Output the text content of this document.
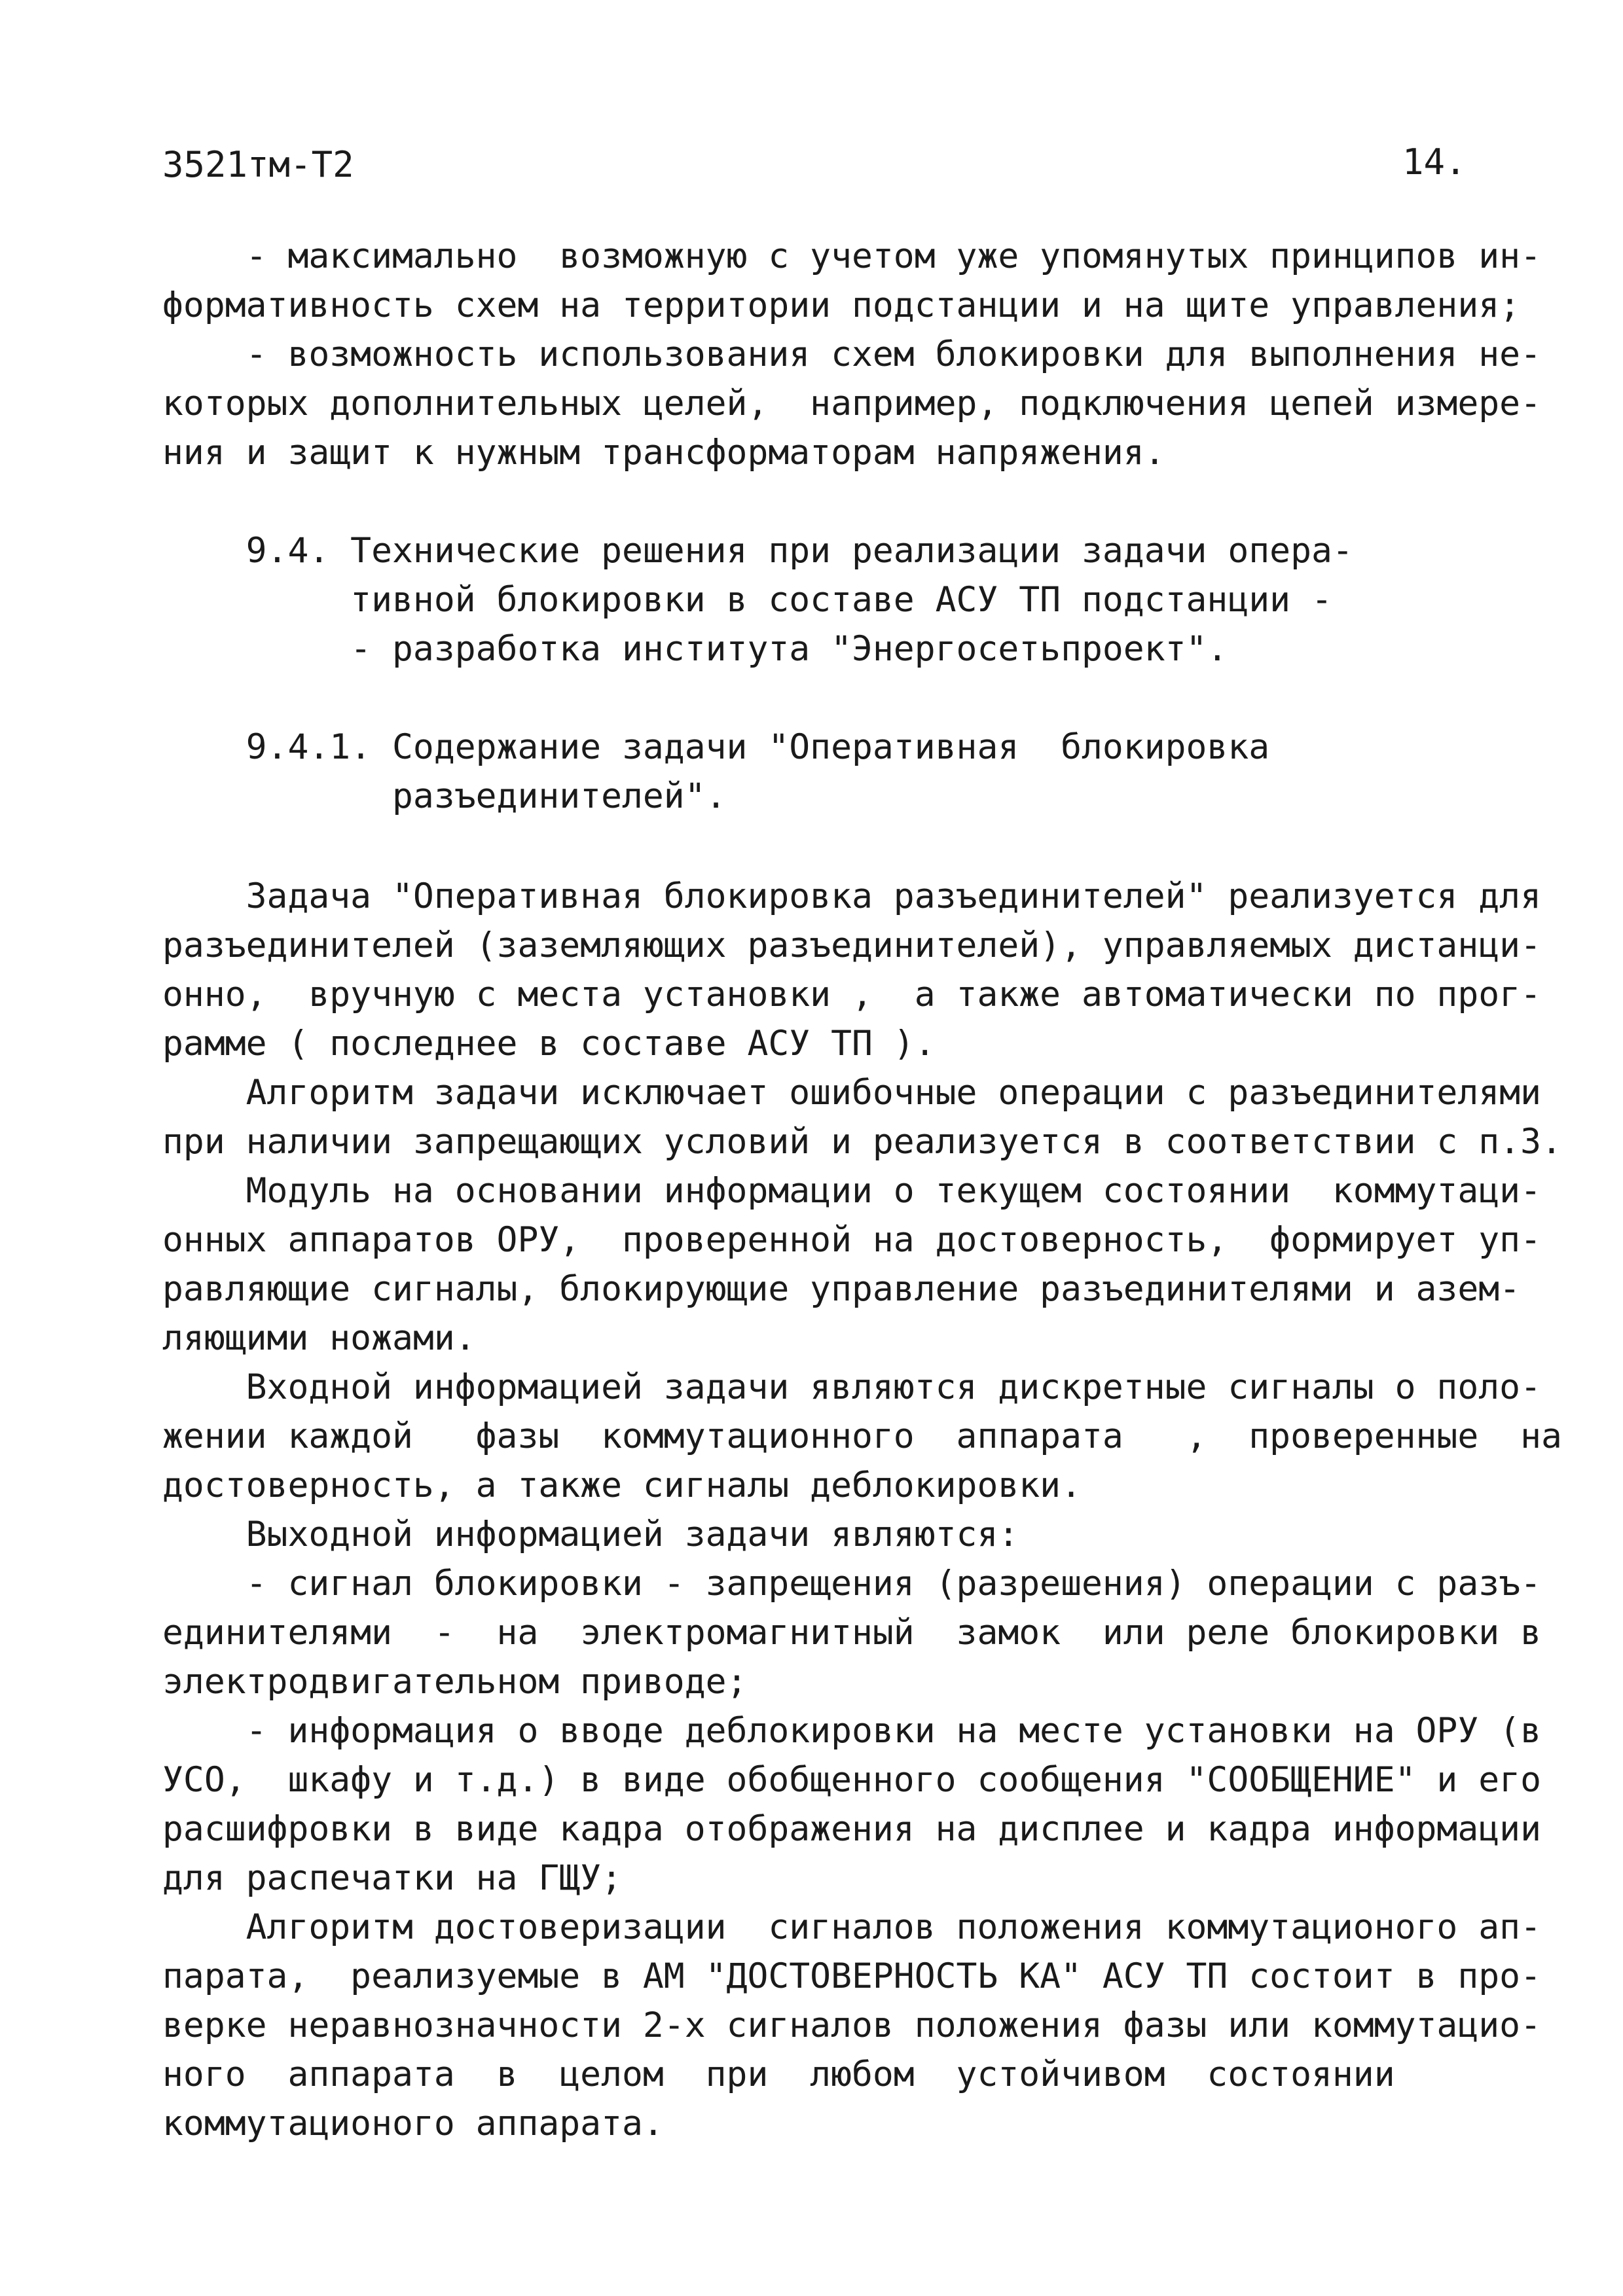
3521тм-Т2	14.
- максимально  возможную с учетом уже упомянутых принципов ин-
формативность схем на территории подстанции и на щите управления;
- возможность использования схем блокировки для выполнения не-
которых дополнительных целей,  например, подключения цепей измере-
ния и защит к нужным трансформаторам напряжения.
9.4. Технические решения при реализации задачи опера-
тивной блокировки в составе АСУ ТП подстанции -
- разработка института "Энергосетьпроект".
9.4.1. Содержание задачи "Оперативная  блокировка
разъединителей".
Задача "Оперативная блокировка разъединителей" реализуется для
разъединителей (заземляющих разъединителей), управляемых дистанци-
онно,  вручную с места установки ,  а также автоматически по прог-
рамме ( последнее в составе АСУ ТП ).
Алгоритм задачи исключает ошибочные операции с разъединителями
при наличии запрещающих условий и реализуется в соответствии с п.3.
Модуль на основании информации о текущем состоянии  коммутаци-
онных аппаратов ОРУ,  проверенной на достоверность,  формирует уп-
равляющие сигналы, блокирующие управление разъединителями и азем-
ляющими ножами.
Входной информацией задачи являются дискретные сигналы о поло-
жении каждой   фазы  коммутационного  аппарата   ,  проверенные  на
достоверность, а также сигналы деблокировки.
Выходной информацией задачи являются:
- сигнал блокировки - запрещения (разрешения) операции с разъ-
единителями  -  на  электромагнитный  замок  или реле блокировки в
электродвигательном приводе;
- информация о вводе деблокировки на месте установки на ОРУ (в
УСО,  шкафу и т.д.) в виде обобщенного сообщения "СООБЩЕНИЕ" и его
расшифровки в виде кадра отображения на дисплее и кадра информации
для распечатки на ГЩУ;
Алгоритм достоверизации  сигналов положения коммутационого ап-
парата,  реализуемые в АМ "ДОСТОВЕРНОСТЬ КА" АСУ ТП состоит в про-
верке неравнозначности 2-х сигналов положения фазы или коммутацио-
ного  аппарата  в  целом  при  любом  устойчивом  состоянии
коммутационого аппарата.
